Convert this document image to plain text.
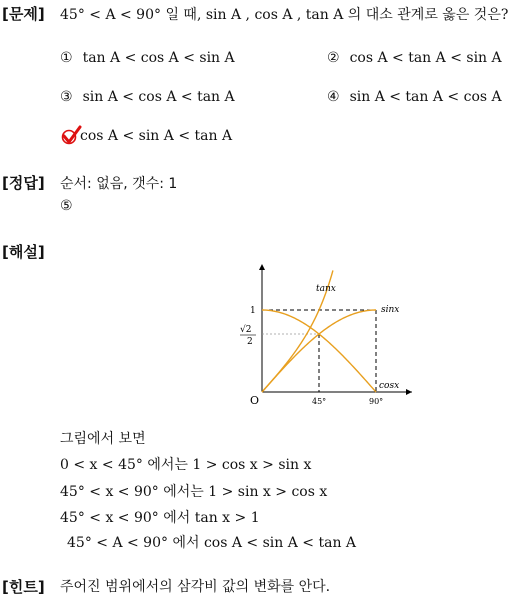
[문제] 45° < A < 90° 일 때, sin A , cos A , tan A 의 대소 관계로 옳은 것은?
① tan A < cos A < sin A	② cos A < tan A < sin A
③ sin A < cos A < tan A	④ sin A < tan A < cos A
cos A < sin A < tan A
[정답] 순서: 없음, 갯수: 1
⑤
[해설]
tanx
sinx
cosx
1
√2
2
O	45°	90°
그림에서 보면
0 < x < 45° 에서는 1 > cos x > sin x
45° < x < 90° 에서는 1 > sin x > cos x
45° < x < 90° 에서 tan x > 1
45° < A < 90° 에서 cos A < sin A < tan A
[힌트] 주어진 범위에서의 삼각비 값의 변화를 안다.
